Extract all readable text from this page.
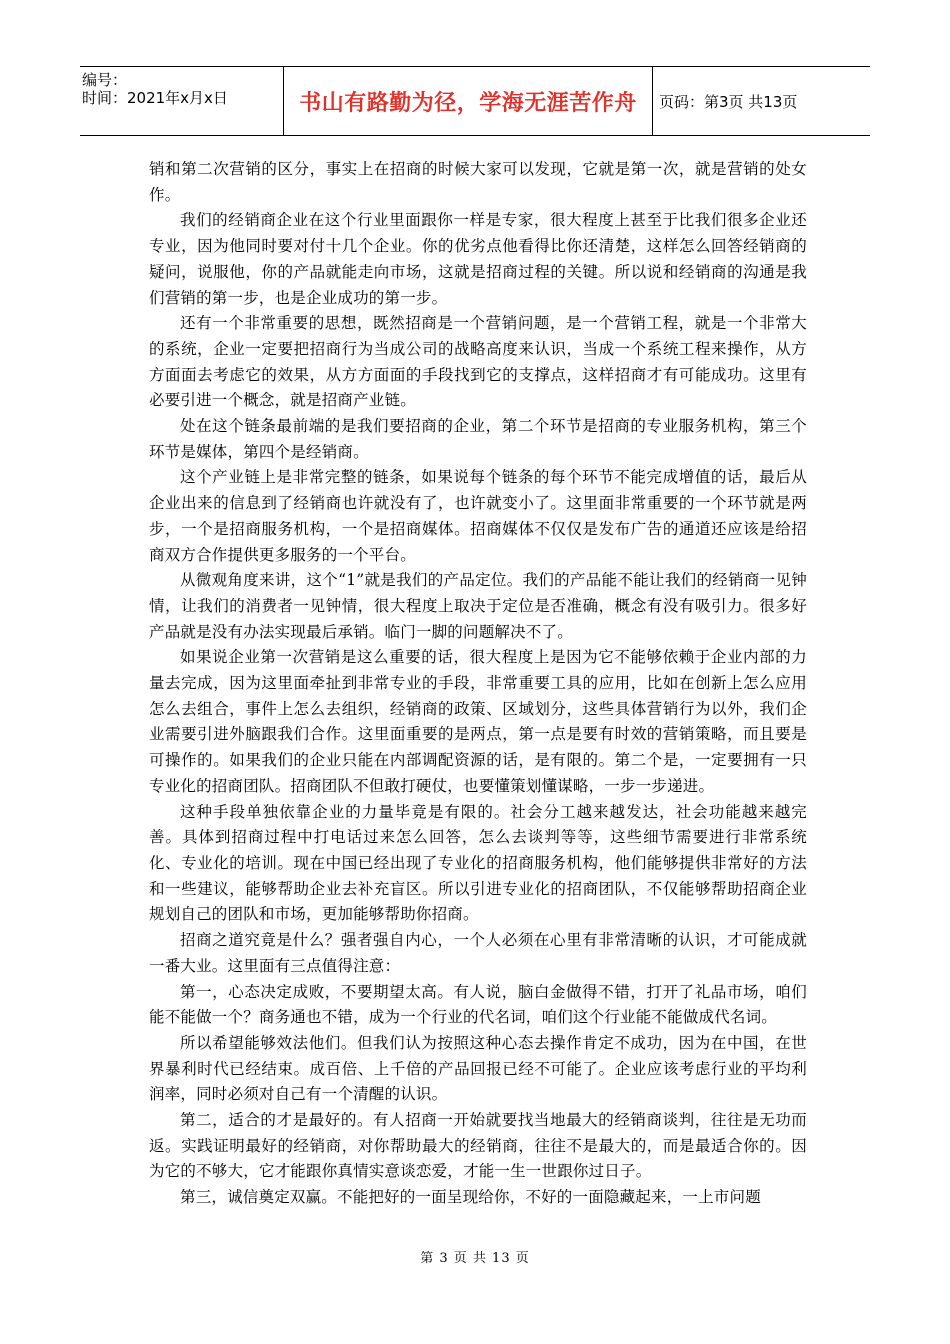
编号：
时间：2021年x月x日	书山有路勤为径，学海无涯苦作舟 页码：第3页 共13页

销和第二次营销的区分，事实上在招商的时候大家可以发现，它就是第一次，就是营销的处女作。

我们的经销商企业在这个行业里面跟你一样是专家，很大程度上甚至于比我们很多企业还专业，因为他同时要对付十几个企业。你的优劣点他看得比你还清楚，这样怎么回答经销商的疑问，说服他，你的产品就能走向市场，这就是招商过程的关键。所以说和经销商的沟通是我们营销的第一步，也是企业成功的第一步。

还有一个非常重要的思想，既然招商是一个营销问题，是一个营销工程，就是一个非常大的系统，企业一定要把招商行为当成公司的战略高度来认识，当成一个系统工程来操作，从方方面面去考虑它的效果，从方方面面的手段找到它的支撑点，这样招商才有可能成功。这里有必要引进一个概念，就是招商产业链。

处在这个链条最前端的是我们要招商的企业，第二个环节是招商的专业服务机构，第三个环节是媒体，第四个是经销商。

这个产业链上是非常完整的链条，如果说每个链条的每个环节不能完成增值的话，最后从企业出来的信息到了经销商也许就没有了，也许就变小了。这里面非常重要的一个环节就是两步，一个是招商服务机构，一个是招商媒体。招商媒体不仅仅是发布广告的通道还应该是给招商双方合作提供更多服务的一个平台。

从微观角度来讲，这个“1”就是我们的产品定位。我们的产品能不能让我们的经销商一见钟情，让我们的消费者一见钟情，很大程度上取决于定位是否准确，概念有没有吸引力。很多好产品就是没有办法实现最后承销。临门一脚的问题解决不了。

如果说企业第一次营销是这么重要的话，很大程度上是因为它不能够依赖于企业内部的力量去完成，因为这里面牵扯到非常专业的手段，非常重要工具的应用，比如在创新上怎么应用怎么去组合，事件上怎么去组织，经销商的政策、区域划分，这些具体营销行为以外，我们企业需要引进外脑跟我们合作。这里面重要的是两点，第一点是要有时效的营销策略，而且要是可操作的。如果我们的企业只能在内部调配资源的话，是有限的。第二个是，一定要拥有一只专业化的招商团队。招商团队不但敢打硬仗，也要懂策划懂谋略，一步一步递进。

这种手段单独依靠企业的力量毕竟是有限的。社会分工越来越发达，社会功能越来越完善。具体到招商过程中打电话过来怎么回答，怎么去谈判等等，这些细节需要进行非常系统化、专业化的培训。现在中国已经出现了专业化的招商服务机构，他们能够提供非常好的方法和一些建议，能够帮助企业去补充盲区。所以引进专业化的招商团队，不仅能够帮助招商企业规划自己的团队和市场，更加能够帮助你招商。

招商之道究竟是什么？强者强自内心，一个人必须在心里有非常清晰的认识，才可能成就一番大业。这里面有三点值得注意：

第一，心态决定成败，不要期望太高。有人说，脑白金做得不错，打开了礼品市场，咱们能不能做一个？商务通也不错，成为一个行业的代名词，咱们这个行业能不能做成代名词。

所以希望能够效法他们。但我们认为按照这种心态去操作肯定不成功，因为在中国，在世界暴利时代已经结束。成百倍、上千倍的产品回报已经不可能了。企业应该考虑行业的平均利润率，同时必须对自己有一个清醒的认识。

第二，适合的才是最好的。有人招商一开始就要找当地最大的经销商谈判，往往是无功而返。实践证明最好的经销商，对你帮助最大的经销商，往往不是最大的，而是最适合你的。因为它的不够大，它才能跟你真情实意谈恋爱，才能一生一世跟你过日子。

第三，诚信奠定双赢。不能把好的一面呈现给你，不好的一面隐藏起来，一上市问题

第 3 页 共 13 页
